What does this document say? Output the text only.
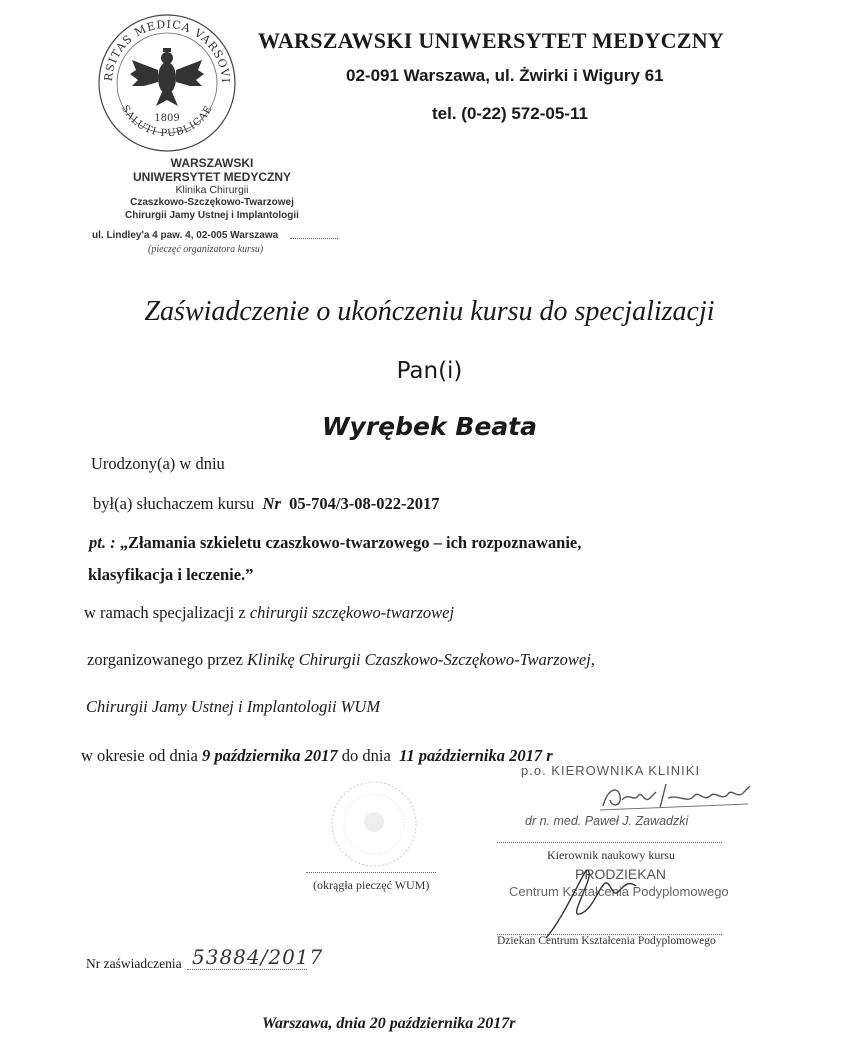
RSITAS MEDICA VARSOVI
SALUTI PUBLICAE
1809
WARSZAWSKI
UNIWERSYTET MEDYCZNY
Klinika Chirurgii
Czaszkowo-Szczękowo-Twarzowej
Chirurgii Jamy Ustnej i Implantologii
ul. Lindley'a 4 paw. 4, 02-005 Warszawa
(pieczęć organizatora kursu)
WARSZAWSKI UNIWERSYTET MEDYCZNY
02-091 Warszawa, ul. Żwirki i Wigury 61
tel. (0-22) 572-05-11
Zaświadczenie o ukończeniu kursu do specjalizacji
Pan(i)
Wyrębek Beata
Urodzony(a) w dniu
był(a) słuchaczem kursu Nr 05-704/3-08-022-2017
pt. : „Złamania szkieletu czaszkowo-twarzowego – ich rozpoznawanie,
klasyfikacja i leczenie.”
w ramach specjalizacji z chirurgii szczękowo-twarzowej
zorganizowanego przez Klinikę Chirurgii Czaszkowo-Szczękowo-Twarzowej,
Chirurgii Jamy Ustnej i Implantologii WUM
w okresie od dnia 9 października 2017 do dnia 11 października 2017 r
(okrągła pieczęć WUM)
p.o. KIEROWNIKA KLINIKI
dr n. med. Paweł J. Zawadzki
Kierownik naukowy kursu
PRODZIEKAN
Centrum Kształcenia Podyplomowego
Dziekan Centrum Kształcenia Podyplomowego
Nr zaświadczenia 53884/2017
Warszawa, dnia 20 października 2017r
